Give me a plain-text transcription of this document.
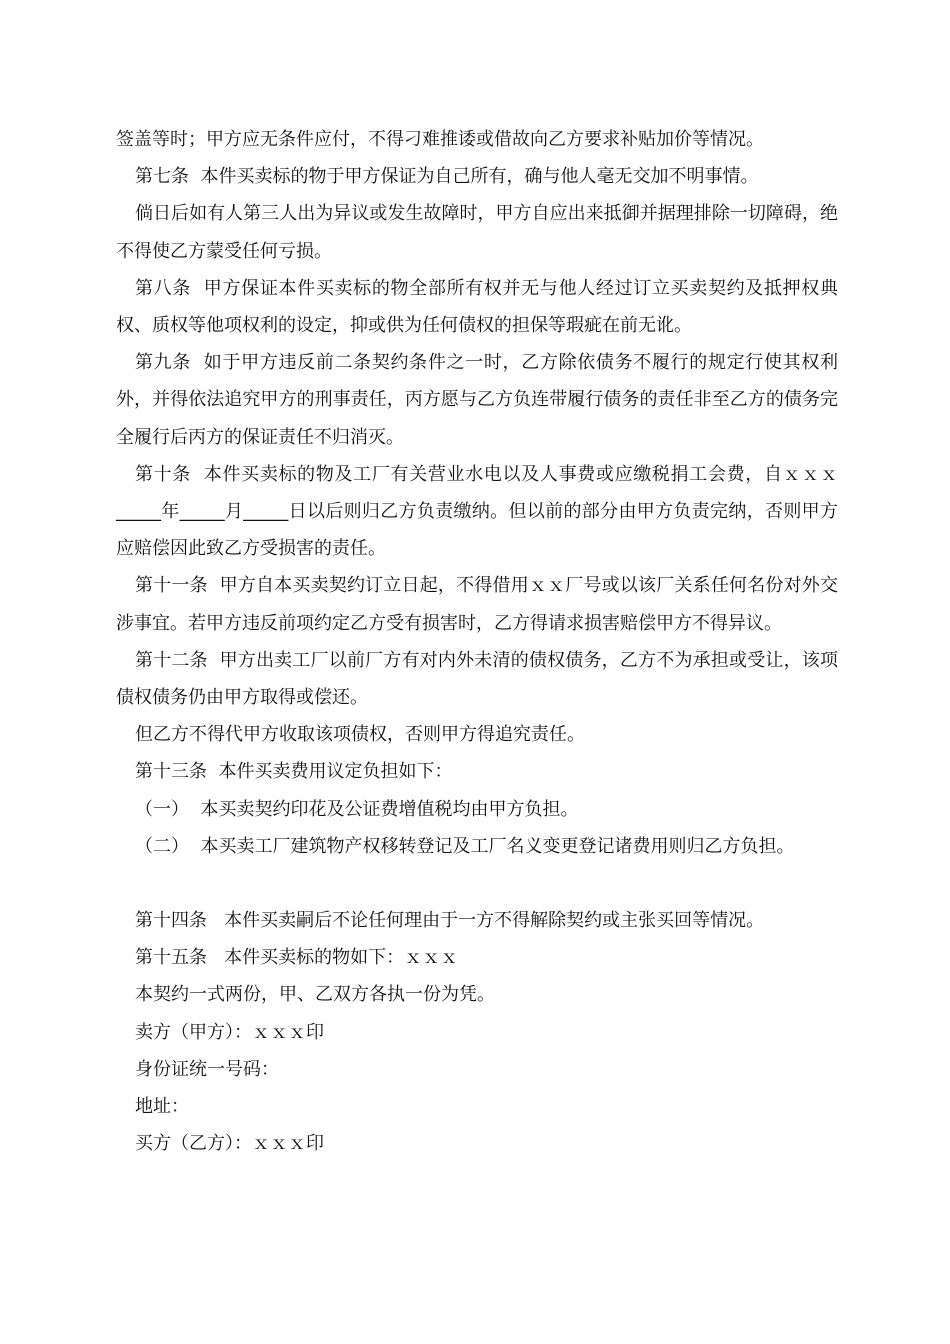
签盖等时；甲方应无条件应付，不得刁难推诿或借故向乙方要求补贴加价等情况。

第七条  本件买卖标的物于甲方保证为自己所有，确与他人毫无交加不明事情。

倘日后如有人第三人出为异议或发生故障时，甲方自应出来抵御并据理排除一切障碍，绝不得使乙方蒙受任何亏损。

第八条  甲方保证本件买卖标的物全部所有权并无与他人经过订立买卖契约及抵押权典权、质权等他项权利的设定，抑或供为任何债权的担保等瑕疵在前无讹。

第九条  如于甲方违反前二条契约条件之一时，乙方除依债务不履行的规定行使其权利外，并得依法追究甲方的刑事责任，丙方愿与乙方负连带履行债务的责任非至乙方的债务完全履行后丙方的保证责任不归消灭。

第十条  本件买卖标的物及工厂有关营业水电以及人事费或应缴税捐工会费，自ｘｘｘ_____年_____月_____日以后则归乙方负责缴纳。但以前的部分由甲方负责完纳，否则甲方应赔偿因此致乙方受损害的责任。

第十一条  甲方自本买卖契约订立日起，不得借用ｘｘ厂号或以该厂关系任何名份对外交涉事宜。若甲方违反前项约定乙方受有损害时，乙方得请求损害赔偿甲方不得异议。

第十二条  甲方出卖工厂以前厂方有对内外未清的债权债务，乙方不为承担或受让，该项债权债务仍由甲方取得或偿还。

但乙方不得代甲方收取该项债权，否则甲方得追究责任。

第十三条  本件买卖费用议定负担如下：

（一）  本买卖契约印花及公证费增值税均由甲方负担。

（二）  本买卖工厂建筑物产权移转登记及工厂名义变更登记诸费用则归乙方负担。

第十四条   本件买卖嗣后不论任何理由于一方不得解除契约或主张买回等情况。

第十五条   本件买卖标的物如下：ｘｘｘ

本契约一式两份，甲、乙双方各执一份为凭。

卖方（甲方）：ｘｘｘ印

身份证统一号码：

地址：

买方（乙方）：ｘｘｘ印
